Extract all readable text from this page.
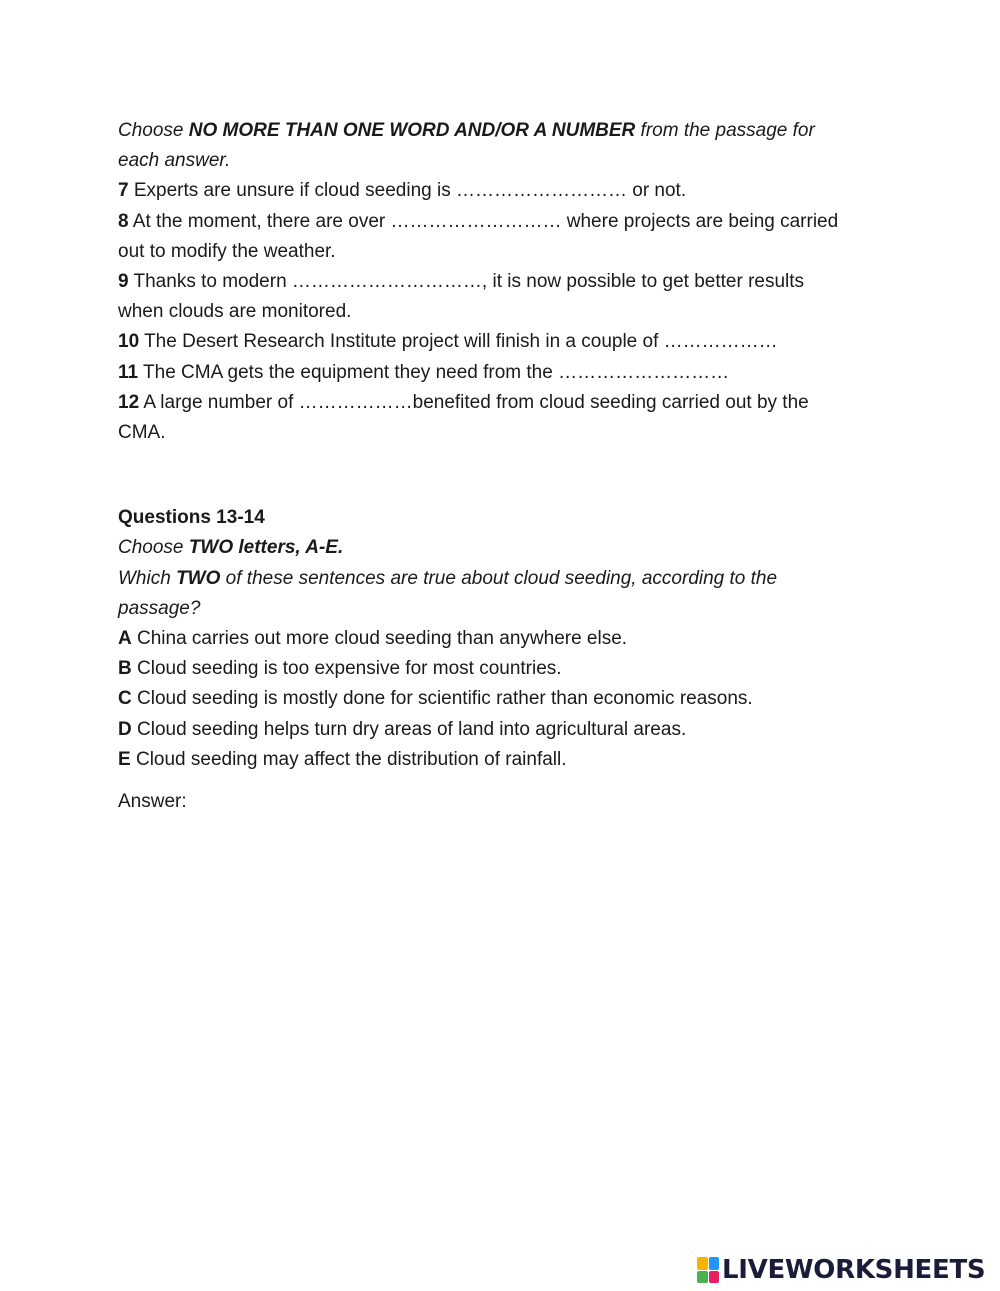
Choose NO MORE THAN ONE WORD AND/OR A NUMBER from the passage for
each answer.
7 Experts are unsure if cloud seeding is ……………………… or not.
8 At the moment, there are over ……………………… where projects are being carried
out to modify the weather.
9 Thanks to modern …………………………, it is now possible to get better results
when clouds are monitored.
10 The Desert Research Institute project will finish in a couple of ………………
11 The CMA gets the equipment they need from the ………………………
12 A large number of ………………benefited from cloud seeding carried out by the
CMA.
Questions 13-14
Choose TWO letters, A-E.
Which TWO of these sentences are true about cloud seeding, according to the
passage?
A China carries out more cloud seeding than anywhere else.
B Cloud seeding is too expensive for most countries.
C Cloud seeding is mostly done for scientific rather than economic reasons.
D Cloud seeding helps turn dry areas of land into agricultural areas.
E Cloud seeding may affect the distribution of rainfall.
Answer:
LIVEWORKSHEETS
